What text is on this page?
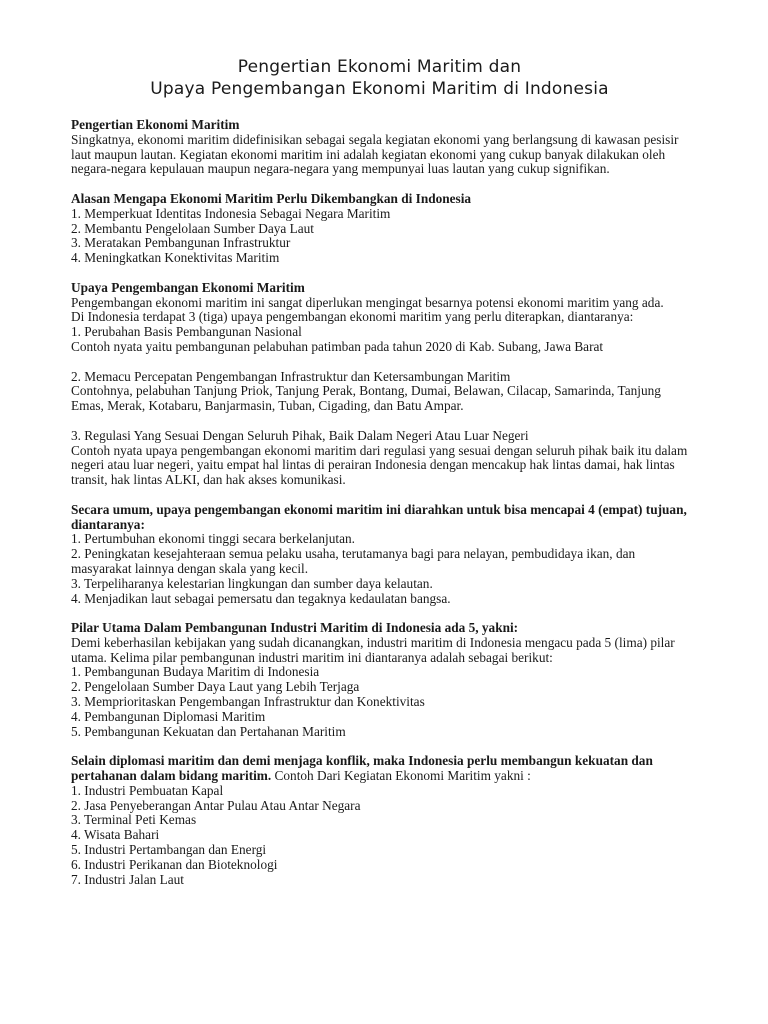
Pengertian Ekonomi Maritim dan
Upaya Pengembangan Ekonomi Maritim di Indonesia

Pengertian Ekonomi Maritim

Singkatnya, ekonomi maritim didefinisikan sebagai segala kegiatan ekonomi yang berlangsung di kawasan pesisir laut maupun lautan. Kegiatan ekonomi maritim ini adalah kegiatan ekonomi yang cukup banyak dilakukan oleh negara-negara kepulauan maupun negara-negara yang mempunyai luas lautan yang cukup signifikan.

Alasan Mengapa Ekonomi Maritim Perlu Dikembangkan di Indonesia

1. Memperkuat Identitas Indonesia Sebagai Negara Maritim

2. Membantu Pengelolaan Sumber Daya Laut

3. Meratakan Pembangunan Infrastruktur

4. Meningkatkan Konektivitas Maritim

Upaya Pengembangan Ekonomi Maritim

Pengembangan ekonomi maritim ini sangat diperlukan mengingat besarnya potensi ekonomi maritim yang ada.

Di Indonesia terdapat 3 (tiga) upaya pengembangan ekonomi maritim yang perlu diterapkan, diantaranya:

1. Perubahan Basis Pembangunan Nasional

Contoh nyata yaitu pembangunan pelabuhan patimban pada tahun 2020 di Kab. Subang, Jawa Barat

2. Memacu Percepatan Pengembangan Infrastruktur dan Ketersambungan Maritim

Contohnya, pelabuhan Tanjung Priok, Tanjung Perak, Bontang, Dumai, Belawan, Cilacap, Samarinda, Tanjung Emas, Merak, Kotabaru, Banjarmasin, Tuban, Cigading, dan Batu Ampar.

3. Regulasi Yang Sesuai Dengan Seluruh Pihak, Baik Dalam Negeri Atau Luar Negeri

Contoh nyata upaya pengembangan ekonomi maritim dari regulasi yang sesuai dengan seluruh pihak baik itu dalam negeri atau luar negeri, yaitu empat hal lintas di perairan Indonesia dengan mencakup hak lintas damai, hak lintas transit, hak lintas ALKI, dan hak akses komunikasi.

Secara umum, upaya pengembangan ekonomi maritim ini diarahkan untuk bisa mencapai 4 (empat) tujuan, diantaranya:

1. Pertumbuhan ekonomi tinggi secara berkelanjutan.

2. Peningkatan kesejahteraan semua pelaku usaha, terutamanya bagi para nelayan, pembudidaya ikan, dan masyarakat lainnya dengan skala yang kecil.

3. Terpeliharanya kelestarian lingkungan dan sumber daya kelautan.

4. Menjadikan laut sebagai pemersatu dan tegaknya kedaulatan bangsa.

Pilar Utama Dalam Pembangunan Industri Maritim di Indonesia ada 5, yakni:

Demi keberhasilan kebijakan yang sudah dicanangkan, industri maritim di Indonesia mengacu pada 5 (lima) pilar utama. Kelima pilar pembangunan industri maritim ini diantaranya adalah sebagai berikut:

1. Pembangunan Budaya Maritim di Indonesia

2. Pengelolaan Sumber Daya Laut yang Lebih Terjaga

3. Memprioritaskan Pengembangan Infrastruktur dan Konektivitas

4. Pembangunan Diplomasi Maritim

5. Pembangunan Kekuatan dan Pertahanan Maritim

Selain diplomasi maritim dan demi menjaga konflik, maka Indonesia perlu membangun kekuatan dan pertahanan dalam bidang maritim. Contoh Dari Kegiatan Ekonomi Maritim yakni :

1. Industri Pembuatan Kapal

2. Jasa Penyeberangan Antar Pulau Atau Antar Negara

3. Terminal Peti Kemas

4. Wisata Bahari

5. Industri Pertambangan dan Energi

6. Industri Perikanan dan Bioteknologi

7. Industri Jalan Laut
